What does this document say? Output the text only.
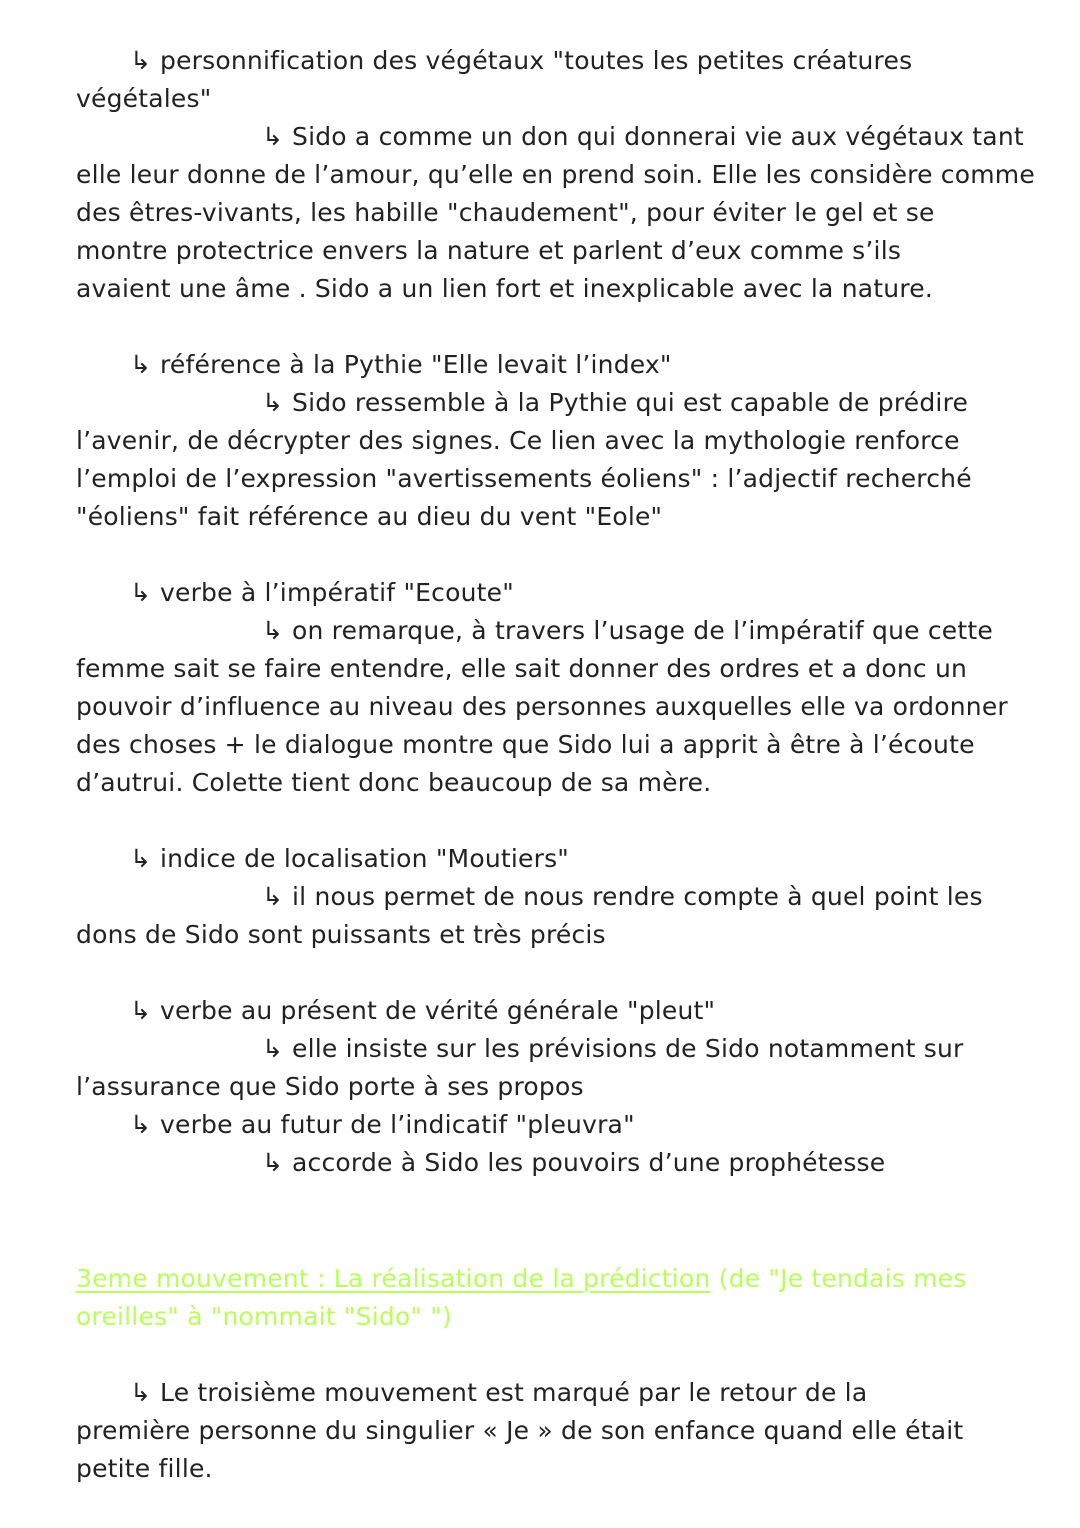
↳ personnification des végétaux "toutes les petites créatures
végétales"
↳ Sido a comme un don qui donnerai vie aux végétaux tant
elle leur donne de l’amour, qu’elle en prend soin. Elle les considère comme
des êtres-vivants, les habille "chaudement", pour éviter le gel et se
montre protectrice envers la nature et parlent d’eux comme s’ils
avaient une âme . Sido a un lien fort et inexplicable avec la nature.
↳ référence à la Pythie "Elle levait l’index"
↳ Sido ressemble à la Pythie qui est capable de prédire
l’avenir, de décrypter des signes. Ce lien avec la mythologie renforce
l’emploi de l’expression "avertissements éoliens" : l’adjectif recherché
"éoliens" fait référence au dieu du vent "Eole"
↳ verbe à l’impératif "Ecoute"
↳ on remarque, à travers l’usage de l’impératif que cette
femme sait se faire entendre, elle sait donner des ordres et a donc un
pouvoir d’influence au niveau des personnes auxquelles elle va ordonner
des choses + le dialogue montre que Sido lui a apprit à être à l’écoute
d’autrui. Colette tient donc beaucoup de sa mère.
↳ indice de localisation "Moutiers"
↳ il nous permet de nous rendre compte à quel point les
dons de Sido sont puissants et très précis
↳ verbe au présent de vérité générale "pleut"
↳ elle insiste sur les prévisions de Sido notamment sur
l’assurance que Sido porte à ses propos
↳ verbe au futur de l’indicatif "pleuvra"
↳ accorde à Sido les pouvoirs d’une prophétesse
3eme mouvement : La réalisation de la prédiction (de "Je tendais mes
oreilles" à "nommait "Sido" ")
↳ Le troisième mouvement est marqué par le retour de la
première personne du singulier « Je » de son enfance quand elle était
petite fille.
